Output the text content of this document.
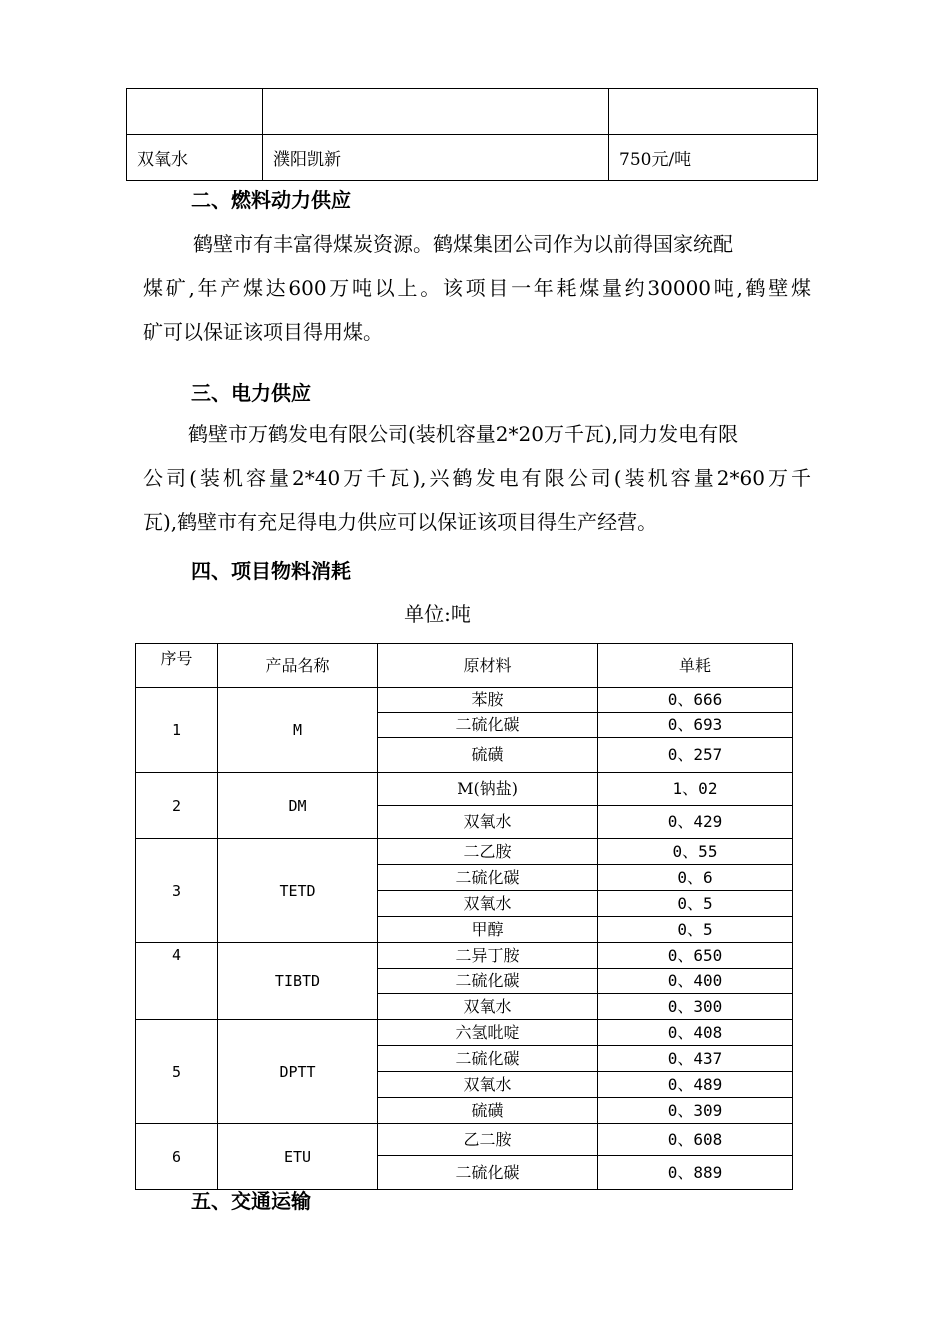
双氧水	濮阳凯新	750元/吨
二、燃料动力供应
鹤壁市有丰富得煤炭资源。鹤煤集团公司作为以前得国家统配
煤矿,年产煤达600万吨以上。该项目一年耗煤量约30000吨,鹤壁煤
矿可以保证该项目得用煤。
三、电力供应
鹤壁市万鹤发电有限公司(装机容量2*20万千瓦),同力发电有限
公司(装机容量2*40万千瓦),兴鹤发电有限公司(装机容量2*60万千
瓦),鹤壁市有充足得电力供应可以保证该项目得生产经营。
四、项目物料消耗
单位:吨
序号	产品名称	原材料	单耗
1	M	苯胺	0、666
		二硫化碳	0、693
		硫磺	0、257
2	DM	M(钠盐)	1、02
		双氧水	0、429
3	TETD	二乙胺	0、55
		二硫化碳	0、6
		双氧水	0、5
		甲醇	0、5
4	TIBTD	二异丁胺	0、650
		二硫化碳	0、400
		双氧水	0、300
5	DPTT	六氢吡啶	0、408
		二硫化碳	0、437
		双氧水	0、489
		硫磺	0、309
6	ETU	乙二胺	0、608
		二硫化碳	0、889
五、交通运输
